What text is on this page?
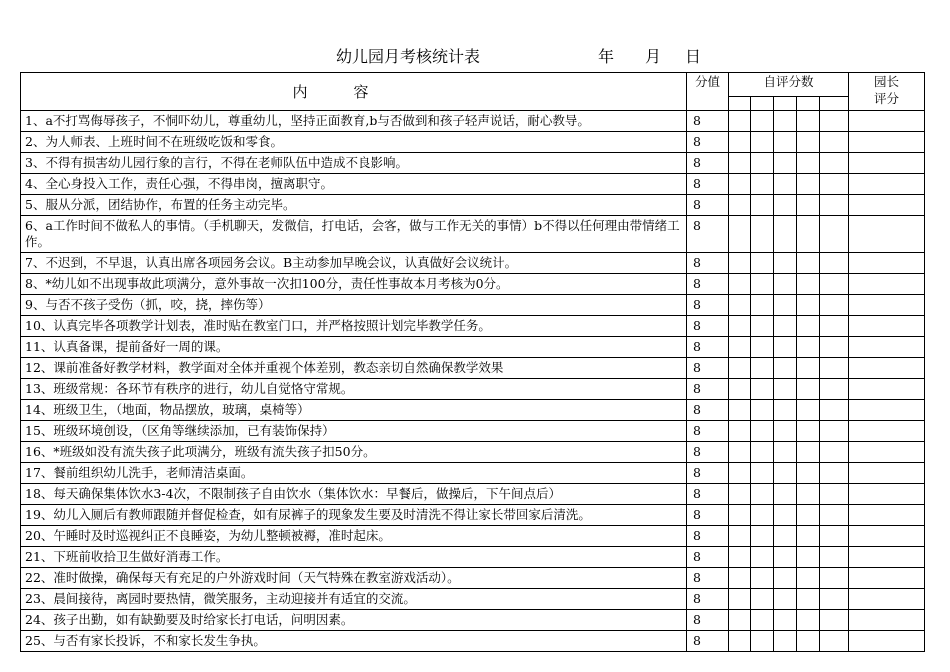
幼儿园月考核统计表	年 月 日
内容	分值	自评分数					园长评分

1、a不打骂侮辱孩子，不恫吓幼儿，尊重幼儿，坚持正面教育,b与否做到和孩子轻声说话，耐心教导。	8						
2、为人师表、上班时间不在班级吃饭和零食。	8						
3、不得有损害幼儿园行象的言行，不得在老师队伍中造成不良影响。	8						
4、全心身投入工作，责任心强，不得串岗，擅离职守。	8						
5、服从分派，团结协作，布置的任务主动完毕。	8						
6、a工作时间不做私人的事情。（手机聊天，发微信，打电话，会客，做与工作无关的事情）b不得以任何理由带情绪工作。	8						
7、不迟到，不早退，认真出席各项园务会议。B主动参加早晚会议，认真做好会议统计。	8						
8、*幼儿如不出现事故此项满分，意外事故一次扣100分，责任性事故本月考核为0分。	8						
9、与否不孩子受伤（抓，咬，挠，摔伤等）	8						
10、认真完毕各项教学计划表，准时贴在教室门口，并严格按照计划完毕教学任务。	8						
11、认真备课，提前备好一周的课。	8						
12、课前准备好教学材料，教学面对全体并重视个体差别，教态亲切自然确保教学效果	8						
13、班级常规：各环节有秩序的进行，幼儿自觉恪守常规。	8						
14、班级卫生，（地面，物品摆放，玻璃，桌椅等）	8						
15、班级环境创设，（区角等继续添加，已有装饰保持）	8						
16、*班级如没有流失孩子此项满分，班级有流失孩子扣50分。	8						
17、餐前组织幼儿洗手，老师清洁桌面。	8						
18、每天确保集体饮水3-4次，不限制孩子自由饮水（集体饮水：早餐后，做操后，下午间点后）	8						
19、幼儿入厕后有教师跟随并督促检查，如有尿裤子的现象发生要及时清洗不得让家长带回家后清洗。	8						
20、午睡时及时巡视纠正不良睡姿，为幼儿整顿被褥，准时起床。	8						
21、下班前收拾卫生做好消毒工作。	8						
22、准时做操，确保每天有充足的户外游戏时间（天气特殊在教室游戏活动）。	8						
23、晨间接待，离园时要热情，微笑服务，主动迎接并有适宜的交流。	8						
24、孩子出勤，如有缺勤要及时给家长打电话，问明因素。	8						
25、与否有家长投诉，不和家长发生争执。	8						
